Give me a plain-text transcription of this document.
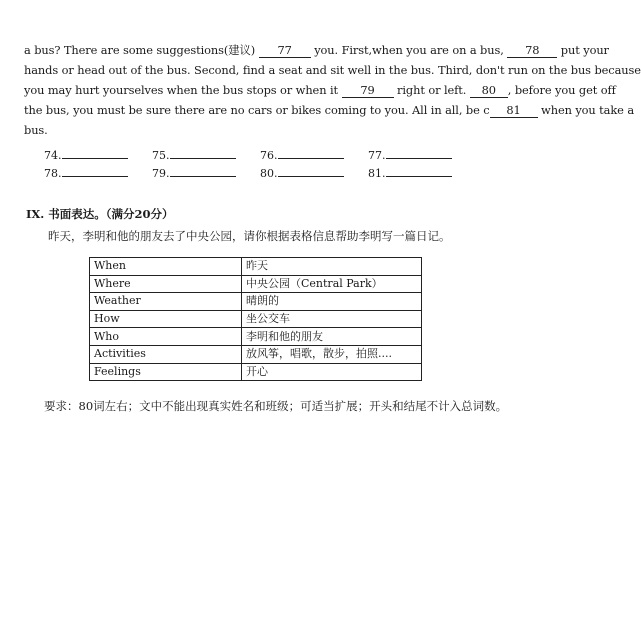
a bus? There are some suggestions(建议) 77 you. First,when you are on a bus, 78 put your
hands or head out of the bus. Second, find a seat and sit well in the bus. Third, don't run on the bus because
you may hurt yourselves when the bus stops or when it 79 right or left. 80 , before you get off
the bus, you must be sure there are no cars or bikes coming to you. All in all, be c 81 when you take a
bus.
74.	75.	76.	77.
78.	79.	80.	81.
IX. 书面表达。（满分20分）
昨天，李明和他的朋友去了中央公园，请你根据表格信息帮助李明写一篇日记。
When	昨天
Where	中央公园（Central Park）
Weather	晴朗的
How	坐公交车
Who	李明和他的朋友
Activities	放风筝，唱歌，散步，拍照....
Feelings	开心
要求：80词左右；文中不能出现真实姓名和班级；可适当扩展；开头和结尾不计入总词数。
